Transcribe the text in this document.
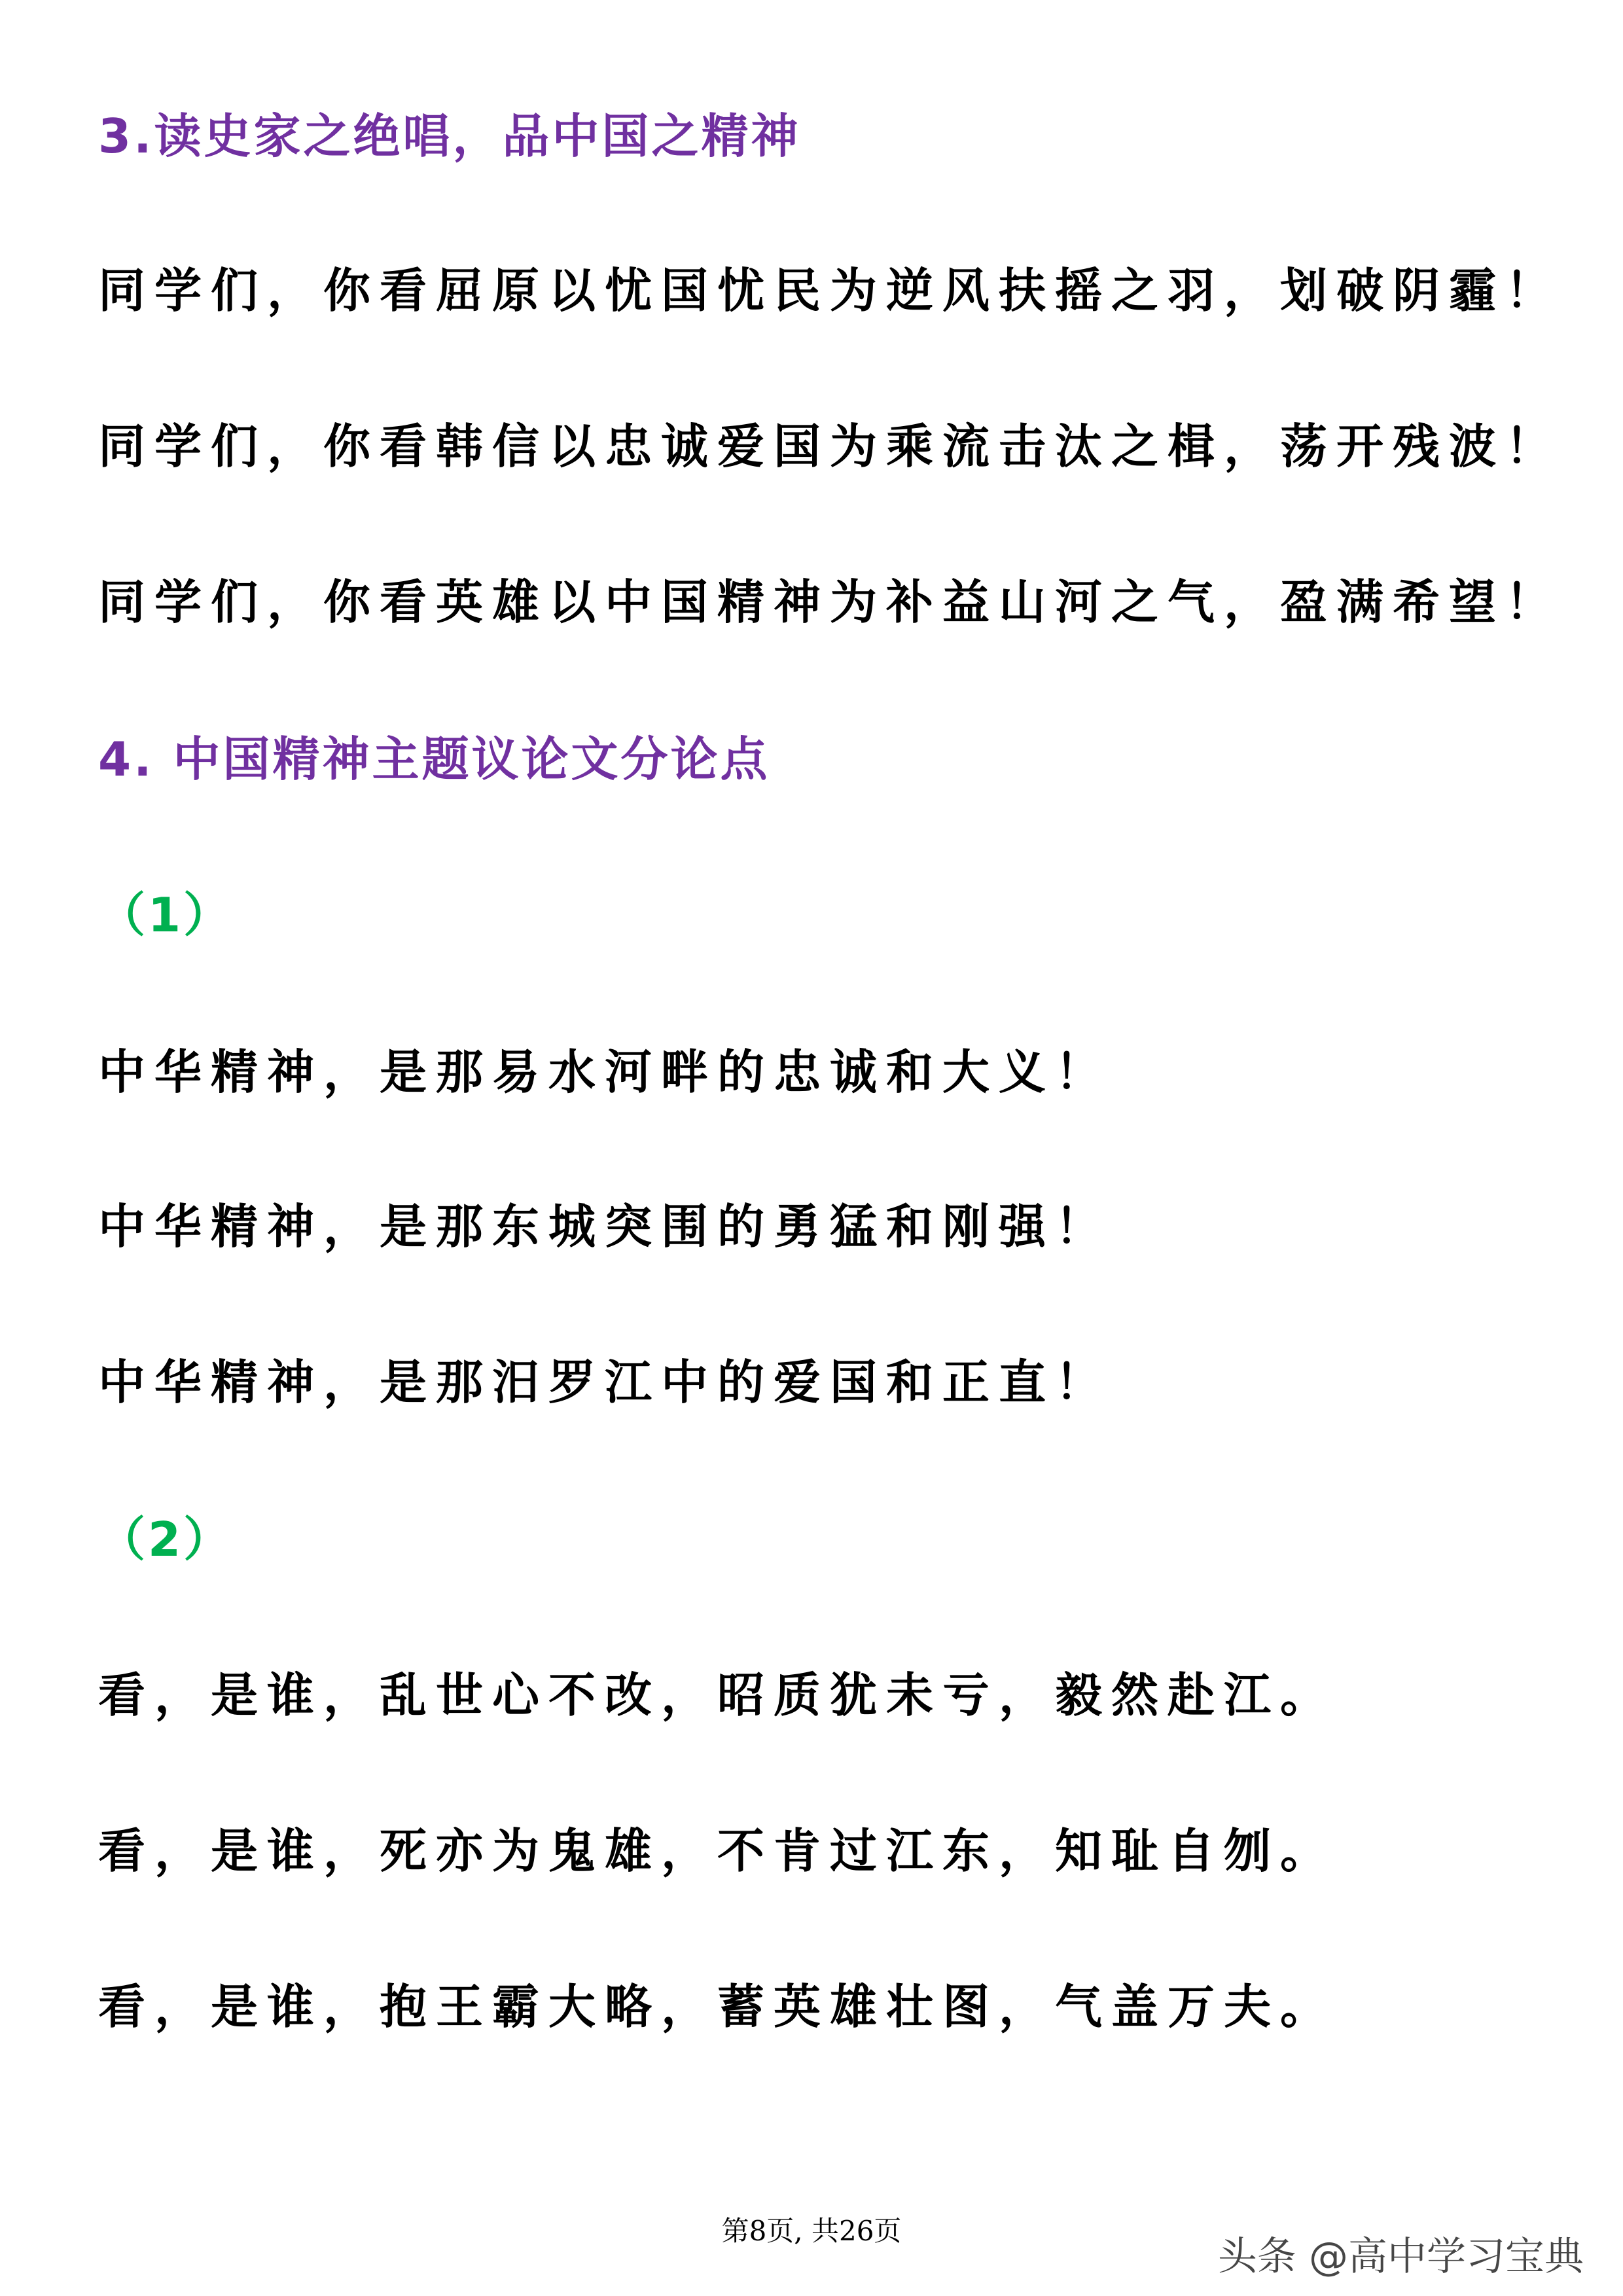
3.读史家之绝唱，品中国之精神

同学们，你看屈原以忧国忧民为逆风扶摇之羽，划破阴霾！

同学们，你看韩信以忠诚爱国为乘流击汰之楫，荡开残波！

同学们，你看英雄以中国精神为补益山河之气，盈满希望！

4. 中国精神主题议论文分论点
（1）

中华精神，是那易水河畔的忠诚和大义！

中华精神，是那东城突围的勇猛和刚强！

中华精神，是那汨罗江中的爱国和正直！

（2）

看，是谁，乱世心不改，昭质犹未亏，毅然赴江。

看，是谁，死亦为鬼雄，不肯过江东，知耻自刎。

看，是谁，抱王霸大略，蓄英雄壮图，气盖万夫。

第8页, 共26页
头条 @高中学习宝典
